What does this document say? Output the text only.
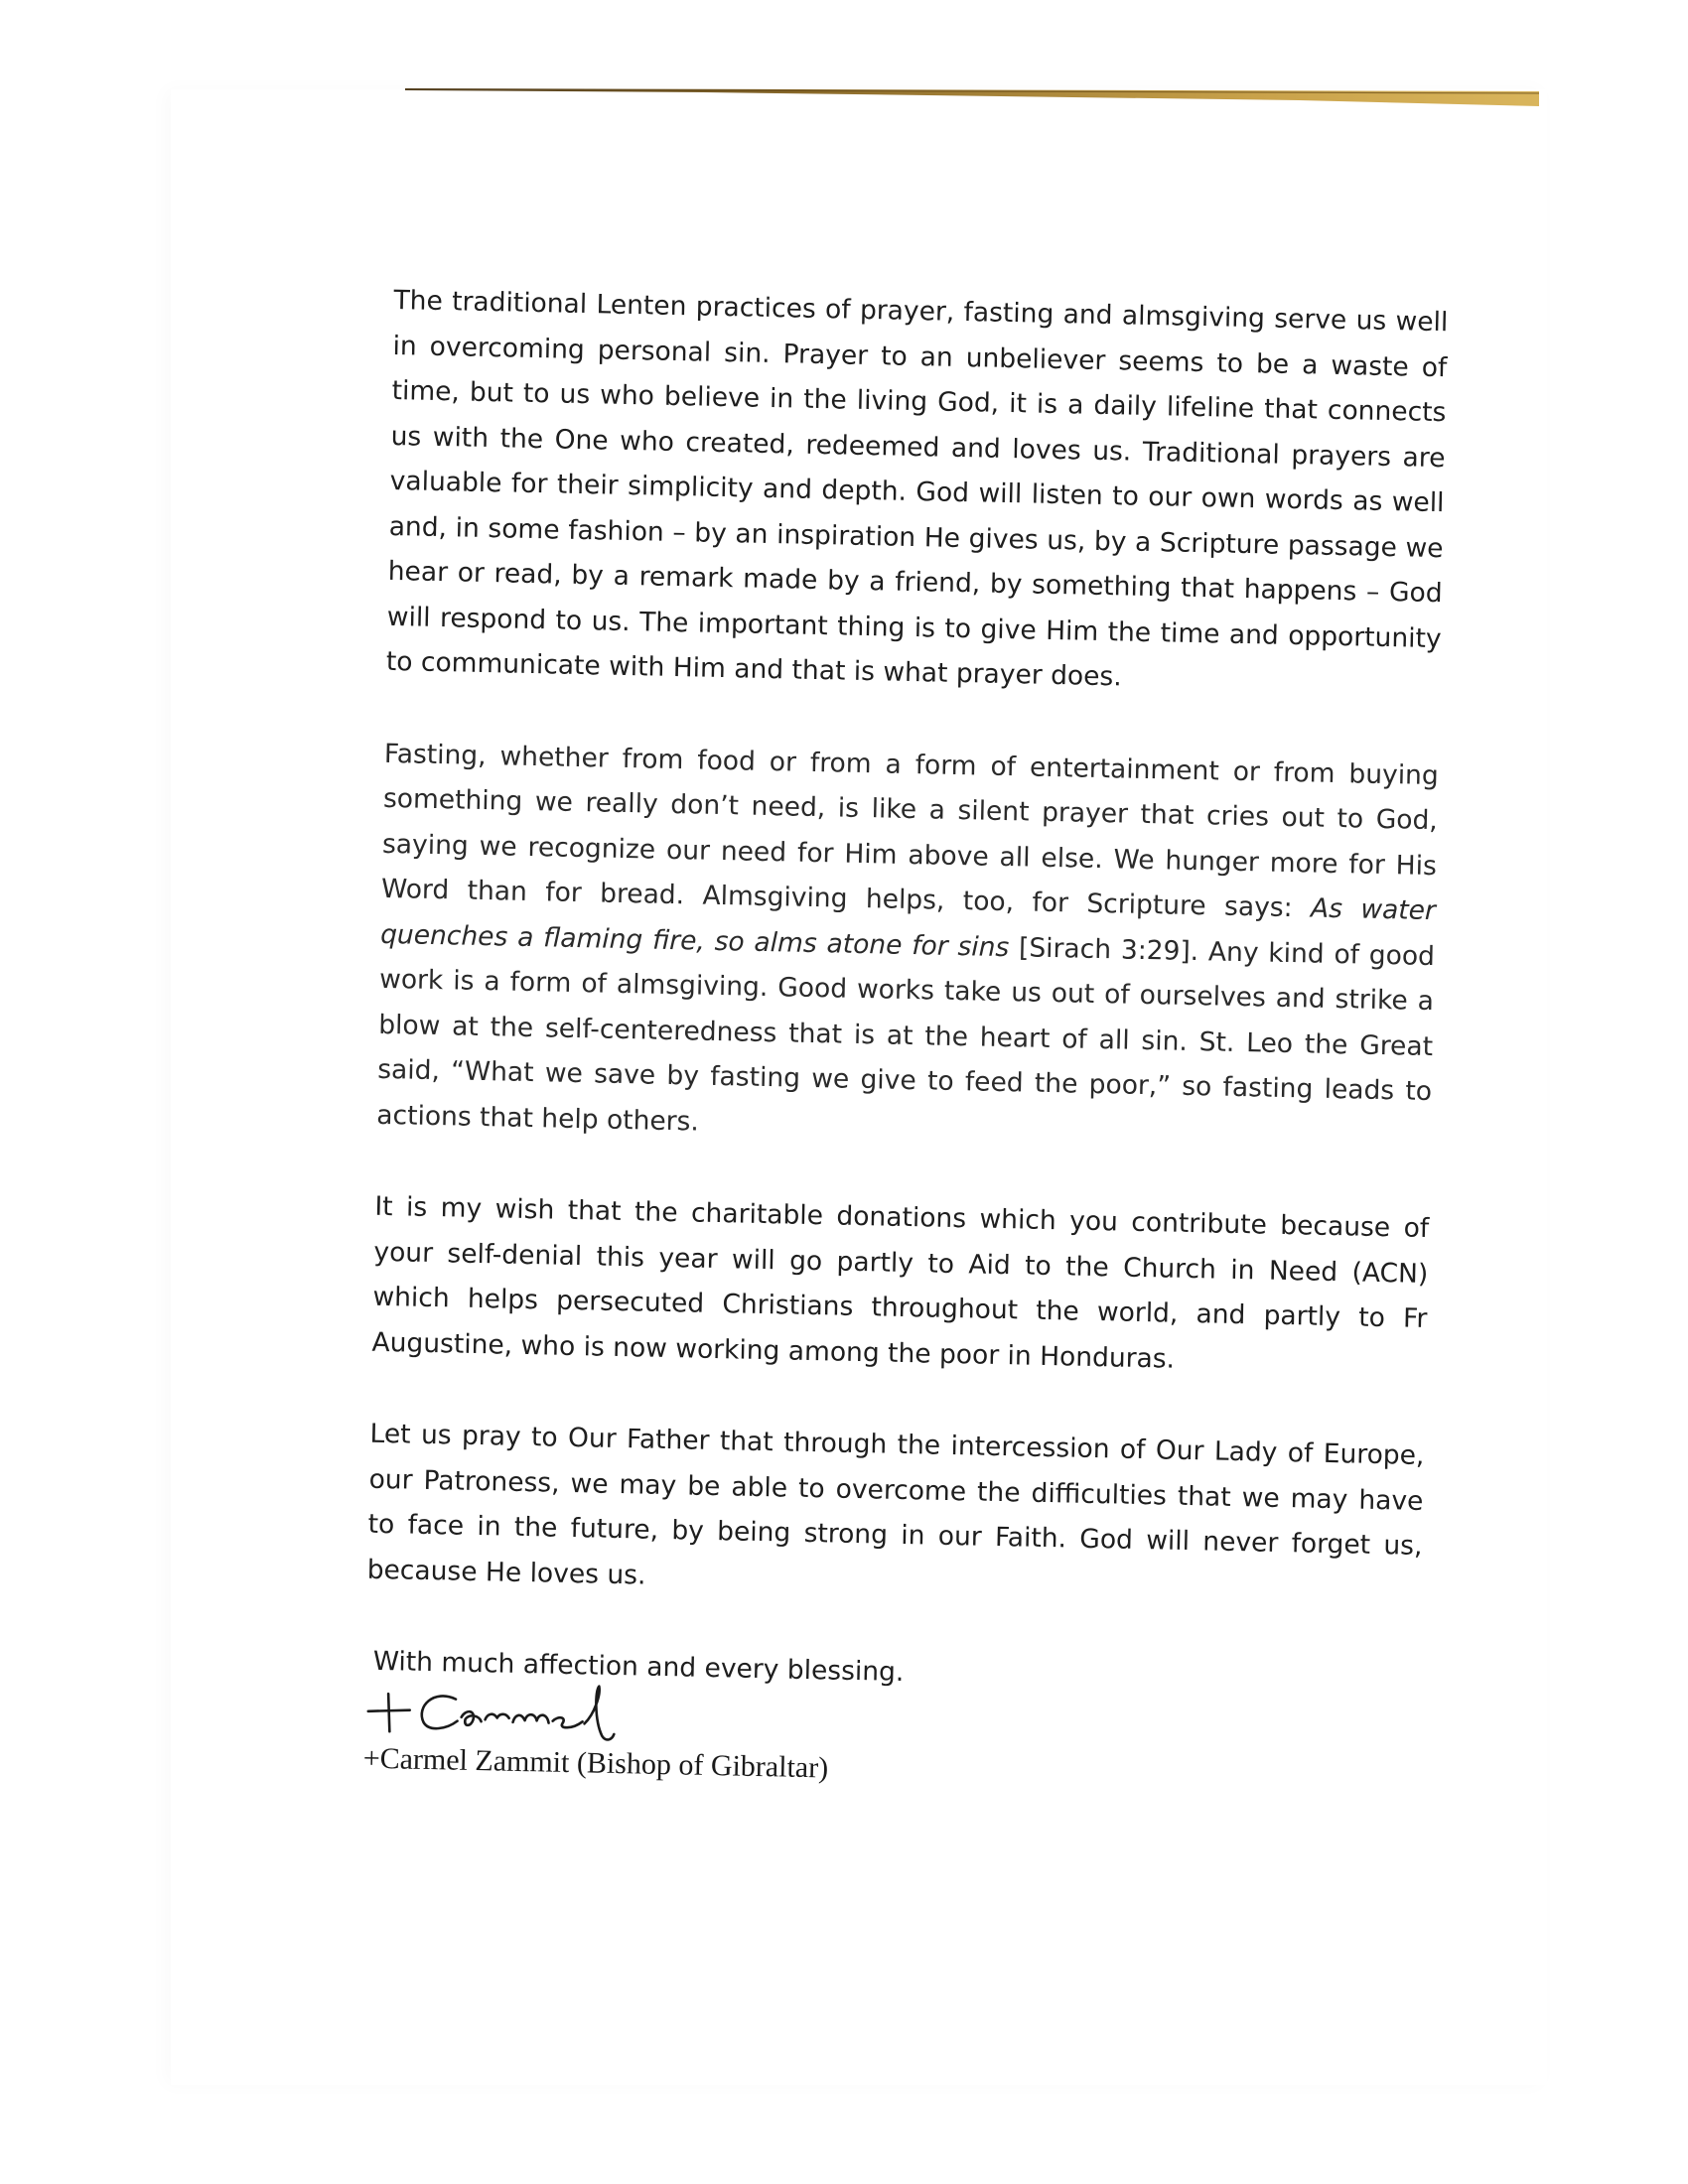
The traditional Lenten practices of prayer, fasting and almsgiving serve us well in overcoming personal sin. Prayer to an unbeliever seems to be a waste of time, but to us who believe in the living God, it is a daily lifeline that connects us with the One who created, redeemed and loves us. Traditional prayers are valuable for their simplicity and depth. God will listen to our own words as well and, in some fashion – by an inspiration He gives us, by a Scripture passage we hear or read, by a remark made by a friend, by something that happens – God will respond to us. The important thing is to give Him the time and opportunity to communicate with Him and that is what prayer does.

Fasting, whether from food or from a form of entertainment or from buying something we really don’t need, is like a silent prayer that cries out to God, saying we recognize our need for Him above all else. We hunger more for His Word than for bread. Almsgiving helps, too, for Scripture says: As water quenches a flaming fire, so alms atone for sins [Sirach 3:29]. Any kind of good work is a form of almsgiving. Good works take us out of ourselves and strike a blow at the self-centeredness that is at the heart of all sin. St. Leo the Great said, “What we save by fasting we give to feed the poor,” so fasting leads to actions that help others.

It is my wish that the charitable donations which you contribute because of your self-denial this year will go partly to Aid to the Church in Need (ACN) which helps persecuted Christians throughout the world, and partly to Fr Augustine, who is now working among the poor in Honduras.

Let us pray to Our Father that through the intercession of Our Lady of Europe, our Patroness, we may be able to overcome the difficulties that we may have to face in the future, by being strong in our Faith. God will never forget us, because He loves us.

With much affection and every blessing.

+Carmel Zammit (Bishop of Gibraltar)
